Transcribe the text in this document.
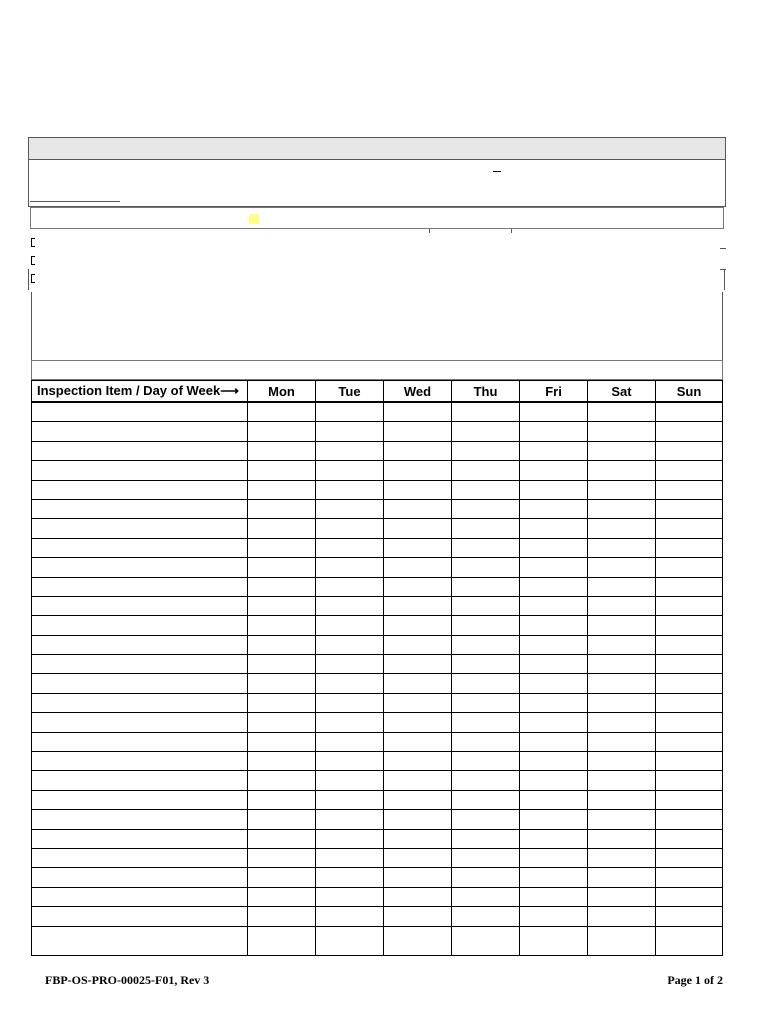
Inspection Item / Day of Week⟶	Mon	Tue	Wed	Thu	Fri	Sat	Sun

FBP-OS-PRO-00025-F01, Rev 3	Page 1 of 2
